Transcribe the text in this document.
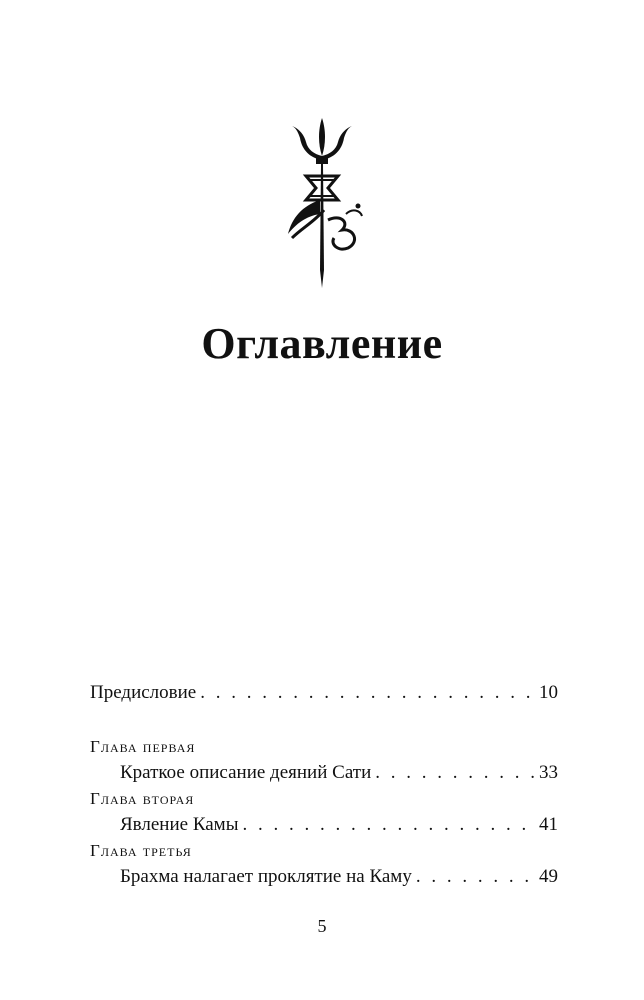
Оглавление
Предисловие . . .	10
Глава первая
Краткое описание деяний Сати . . .	33
Глава вторая
Явление Камы . . .	41
Глава третья
Брахма налагает проклятие на Каму . . .	49
5
